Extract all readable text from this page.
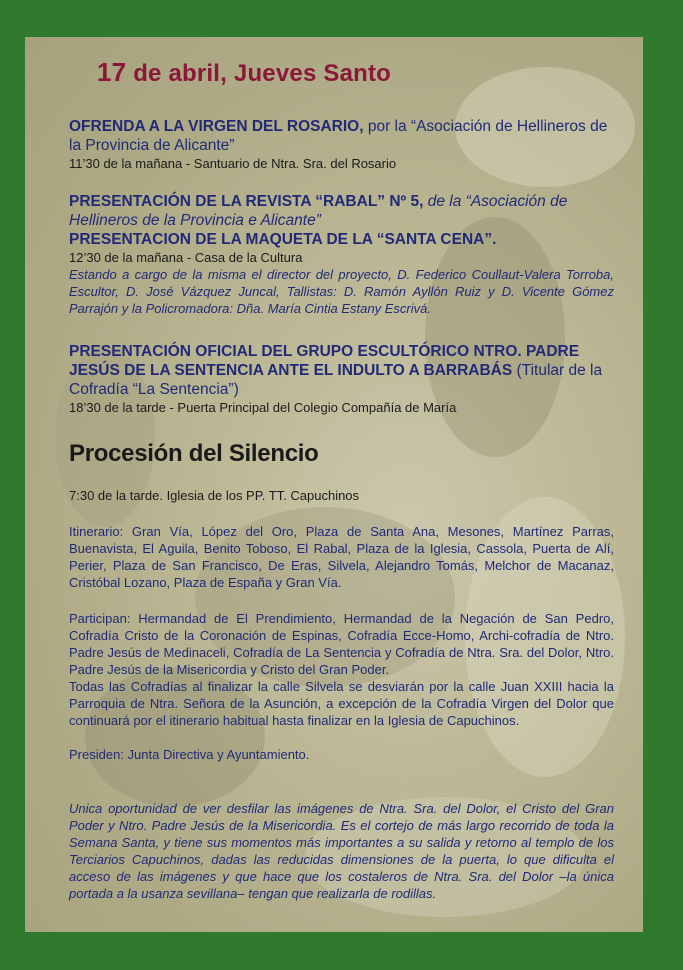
17 de abril, Jueves Santo

OFRENDA A LA VIRGEN DEL ROSARIO, por la “Asociación de Hellineros de la Provincia de Alicante”

11’30 de la mañana - Santuario de Ntra. Sra. del Rosario

PRESENTACIÓN DE LA REVISTA “RABAL” Nº 5, de la “Asociación de Hellineros de la Provincia e Alicante”

PRESENTACION DE LA MAQUETA DE LA “SANTA CENA”.

12’30 de la mañana - Casa de la Cultura

Estando a cargo de la misma el director del proyecto, D. Federico Coullaut-Valera Torroba, Escultor, D. José Vázquez Juncal, Tallistas: D. Ramón Ayllón Ruiz y D. Vicente Gómez Parrajón y la Policromadora: Dña. María Cintia Estany Escrivá.

PRESENTACIÓN OFICIAL DEL GRUPO ESCULTÓRICO NTRO. PADRE JESÚS DE LA SENTENCIA ANTE EL INDULTO A BARRABÁS (Titular de la Cofradía “La Sentencia”)

18’30 de la tarde - Puerta Principal del Colegio Compañía de María

Procesión del Silencio

7:30 de la tarde. Iglesia de los PP. TT. Capuchinos

Itinerario: Gran Vía, López del Oro, Plaza de Santa Ana, Mesones, Martínez Parras, Buenavista, El Aguila, Benito Toboso, El Rabal, Plaza de la Iglesia, Cassola, Puerta de Alí, Perier, Plaza de San Francisco, De Eras, Silvela, Alejandro Tomás, Melchor de Macanaz, Cristóbal Lozano, Plaza de España y Gran Vía.

Participan: Hermandad de El Prendimiento, Hermandad de la Negación de San Pedro, Cofradía Cristo de la Coronación de Espinas, Cofradía Ecce-Homo, Archi-cofradía de Ntro. Padre Jesús de Medinaceli, Cofradía de La Sentencia y Cofradía de Ntra. Sra. del Dolor, Ntro. Padre Jesús de la Misericordia y Cristo del Gran Poder.

Todas las Cofradías al finalizar la calle Silvela se desviarán por la calle Juan XXIII hacia la Parroquia de Ntra. Señora de la Asunción, a excepción de la Cofradía Virgen del Dolor que continuará por el itinerario habitual hasta finalizar en la Iglesia de Capuchinos.

Presiden: Junta Directiva y Ayuntamiento.

Unica oportunidad de ver desfilar las imágenes de Ntra. Sra. del Dolor, el Cristo del Gran Poder y Ntro. Padre Jesús de la Misericordia. Es el cortejo de más largo recorrido de toda la Semana Santa, y tiene sus momentos más importantes a su salida y retorno al templo de los Terciarios Capuchinos, dadas las reducidas dimensiones de la puerta, lo que dificulta el acceso de las imágenes y que hace que los costaleros de Ntra. Sra. del Dolor –la única portada a la usanza sevillana– tengan que realizarla de rodillas.
